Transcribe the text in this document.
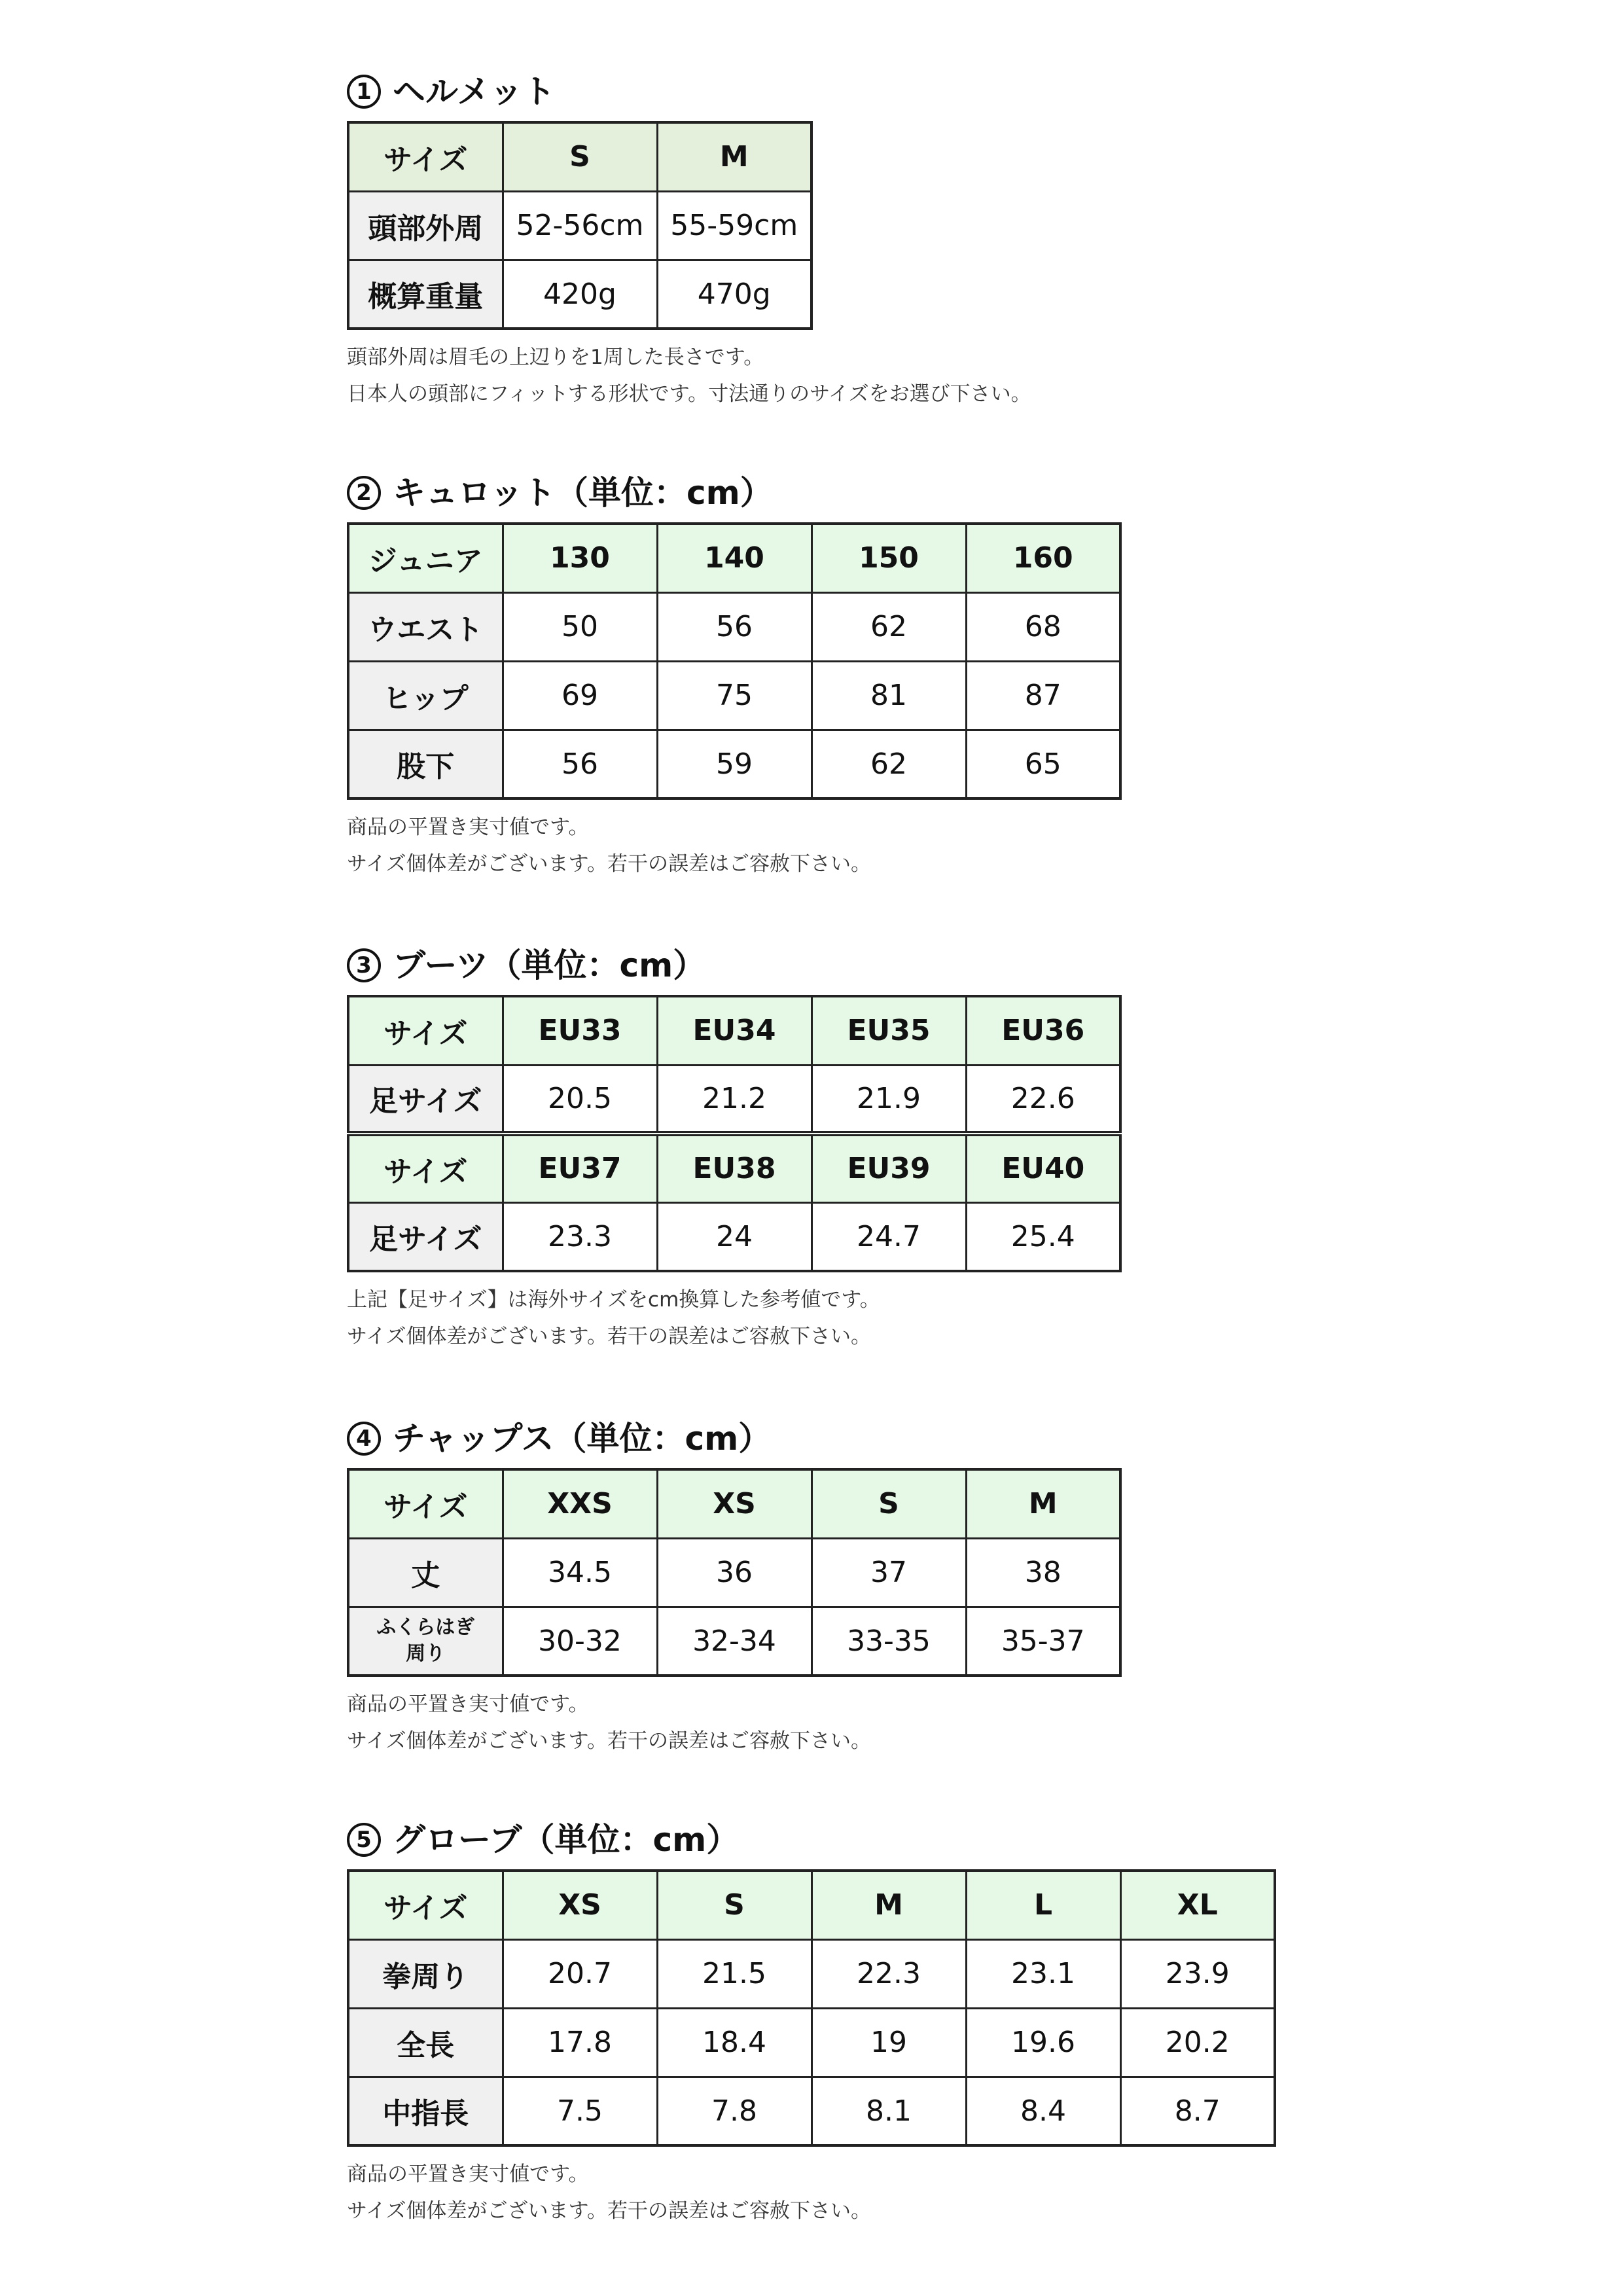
1 ヘルメット
サイズ	S	M
頭部外周	52-56cm	55-59cm
概算重量	420g	470g
頭部外周は眉毛の上辺りを1周した長さです。
日本人の頭部にフィットする形状です。寸法通りのサイズをお選び下さい。
2 キュロット（単位：cm）
ジュニア	130	140	150	160
ウエスト	50	56	62	68
ヒップ	69	75	81	87
股下	56	59	62	65
商品の平置き実寸値です。
サイズ個体差がございます。若干の誤差はご容赦下さい。
3 ブーツ（単位：cm）
サイズ	EU33	EU34	EU35	EU36
足サイズ	20.5	21.2	21.9	22.6
サイズ	EU37	EU38	EU39	EU40
足サイズ	23.3	24	24.7	25.4
上記【足サイズ】は海外サイズをcm換算した参考値です。
サイズ個体差がございます。若干の誤差はご容赦下さい。
4 チャップス（単位：cm）
サイズ	XXS	XS	S	M
丈	34.5	36	37	38

ふくらはぎ
周り	30-32	32-34	33-35	35-37
商品の平置き実寸値です。
サイズ個体差がございます。若干の誤差はご容赦下さい。
5 グローブ（単位：cm）
サイズ	XS	S	M	L	XL
拳周り	20.7	21.5	22.3	23.1	23.9
全長	17.8	18.4	19	19.6	20.2
中指長	7.5	7.8	8.1	8.4	8.7
商品の平置き実寸値です。
サイズ個体差がございます。若干の誤差はご容赦下さい。
